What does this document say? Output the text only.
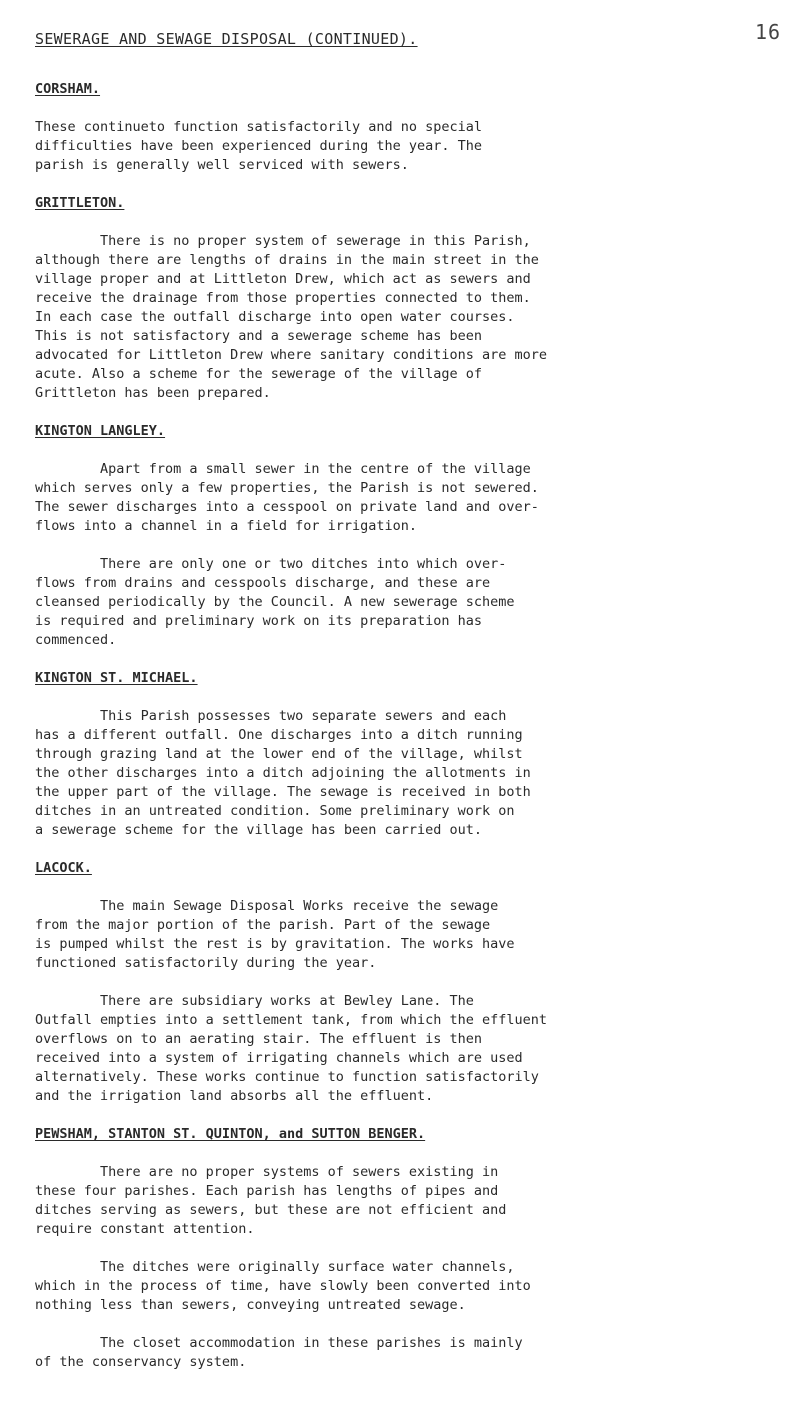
16
SEWERAGE AND SEWAGE DISPOSAL (CONTINUED).
CORSHAM.

These continueto function satisfactorily and no special
difficulties have been experienced during the year. The
parish is generally well serviced with sewers.

GRITTLETON.

There is no proper system of sewerage in this Parish,
although there are lengths of drains in the main street in the
village proper and at Littleton Drew, which act as sewers and
receive the drainage from those properties connected to them.
In each case the outfall discharge into open water courses.
This is not satisfactory and a sewerage scheme has been
advocated for Littleton Drew where sanitary conditions are more
acute. Also a scheme for the sewerage of the village of
Grittleton has been prepared.

KINGTON LANGLEY.

Apart from a small sewer in the centre of the village
which serves only a few properties, the Parish is not sewered.
The sewer discharges into a cesspool on private land and over-
flows into a channel in a field for irrigation.

There are only one or two ditches into which over-
flows from drains and cesspools discharge, and these are
cleansed periodically by the Council. A new sewerage scheme
is required and preliminary work on its preparation has
commenced.

KINGTON ST. MICHAEL.

This Parish possesses two separate sewers and each
has a different outfall. One discharges into a ditch running
through grazing land at the lower end of the village, whilst
the other discharges into a ditch adjoining the allotments in
the upper part of the village. The sewage is received in both
ditches in an untreated condition. Some preliminary work on
a sewerage scheme for the village has been carried out.

LACOCK.

The main Sewage Disposal Works receive the sewage
from the major portion of the parish. Part of the sewage
is pumped whilst the rest is by gravitation. The works have
functioned satisfactorily during the year.

There are subsidiary works at Bewley Lane. The
Outfall empties into a settlement tank, from which the effluent
overflows on to an aerating stair. The effluent is then
received into a system of irrigating channels which are used
alternatively. These works continue to function satisfactorily
and the irrigation land absorbs all the effluent.

PEWSHAM, STANTON ST. QUINTON, and SUTTON BENGER.

There are no proper systems of sewers existing in
these four parishes. Each parish has lengths of pipes and
ditches serving as sewers, but these are not efficient and
require constant attention.

The ditches were originally surface water channels,
which in the process of time, have slowly been converted into
nothing less than sewers, conveying untreated sewage.

The closet accommodation in these parishes is mainly
of the conservancy system.
